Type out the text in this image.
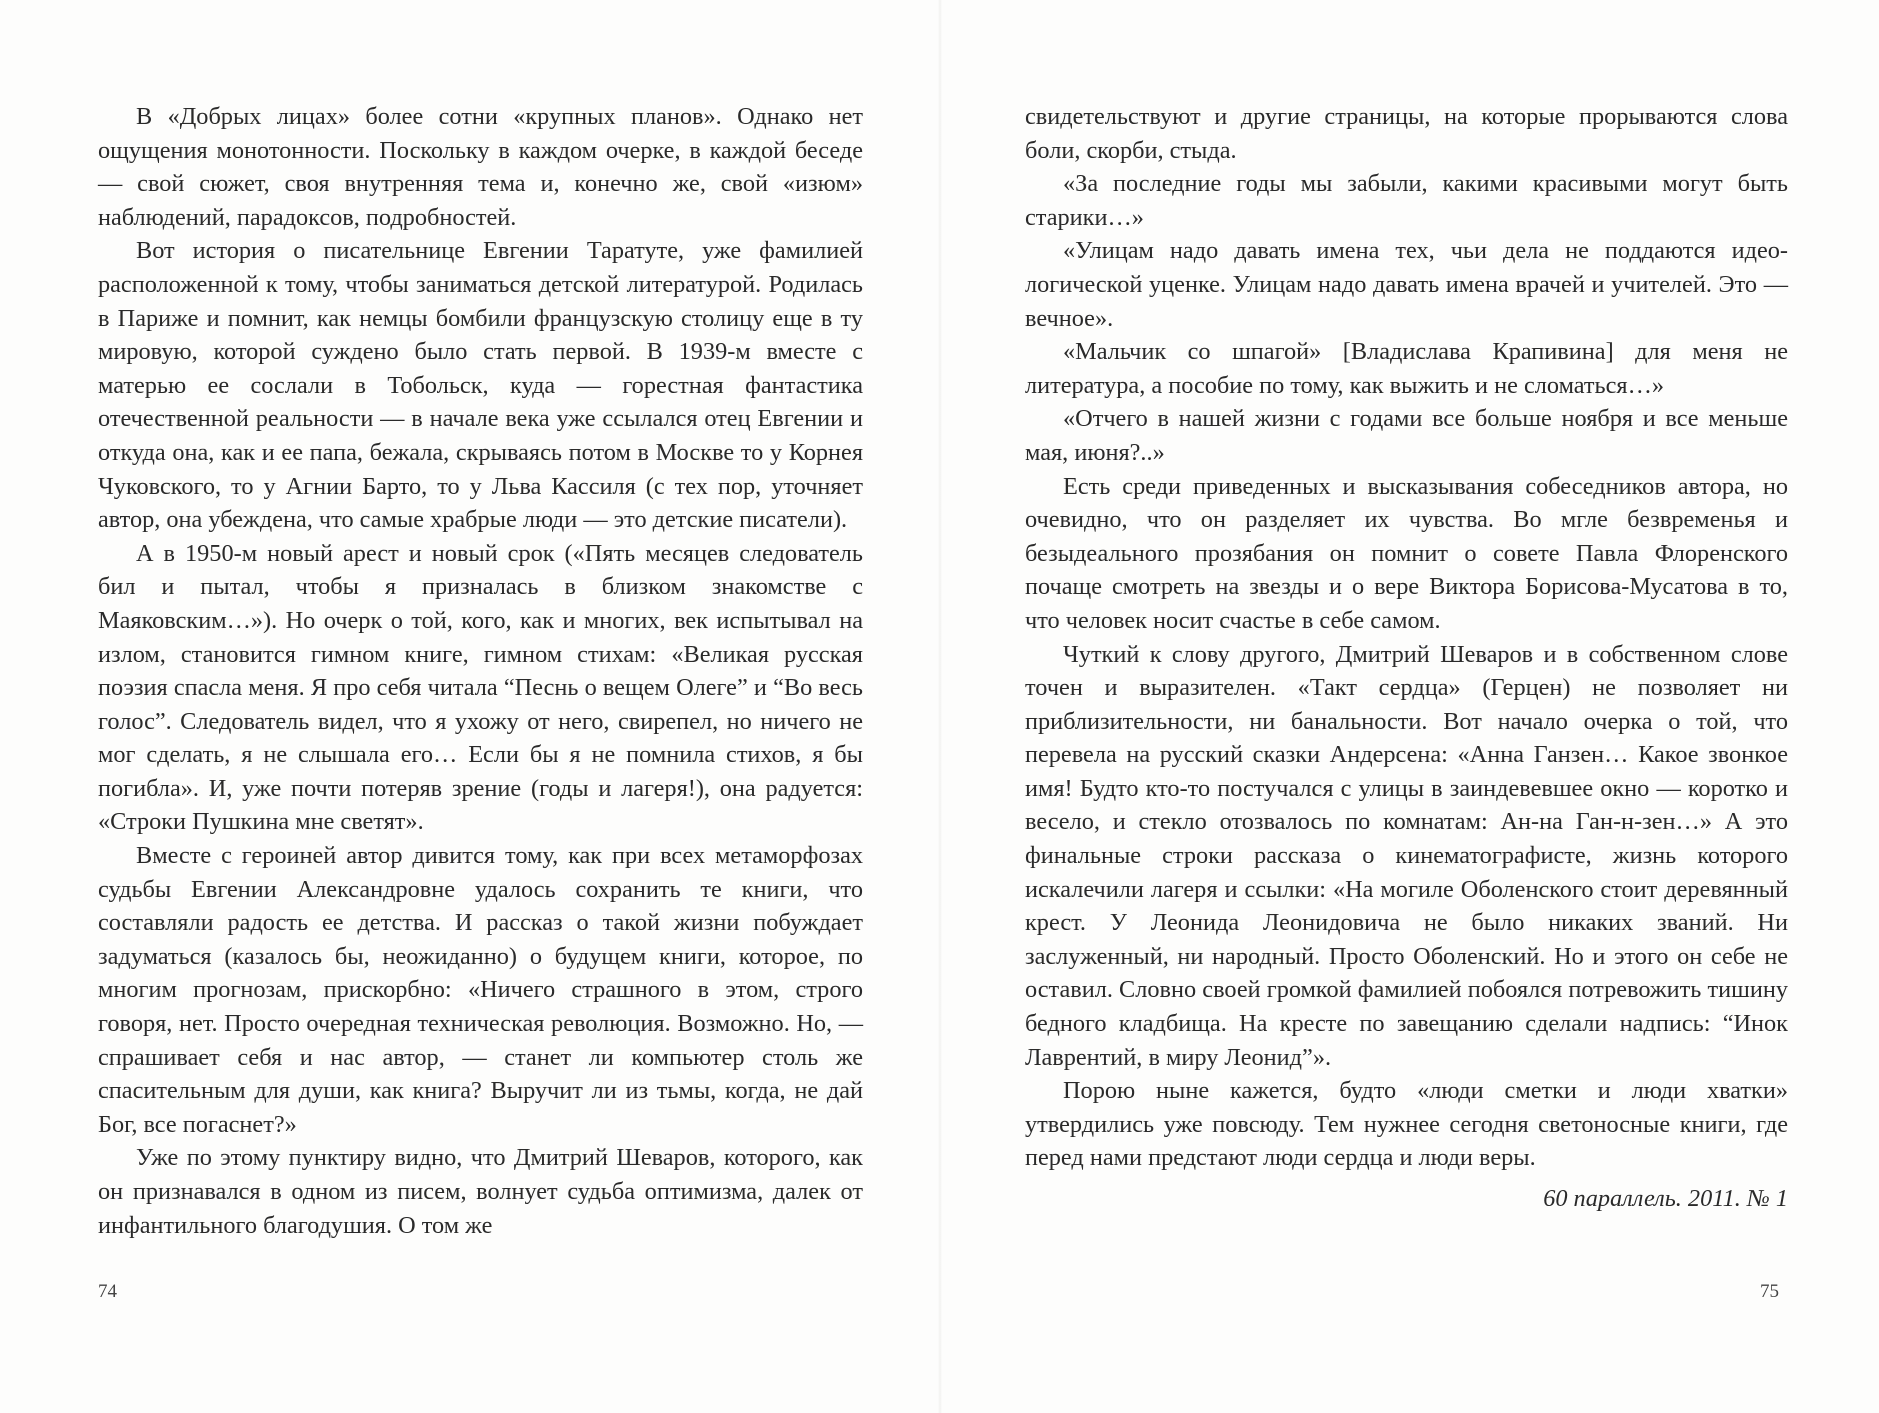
В «Добрых лицах» более сотни «крупных планов». Однако нет ощущения монотонности. Поскольку в каждом очерке, в каждой беседе — свой сюжет, своя внутренняя тема и, конечно же, свой «изюм» наблюдений, парадоксов, подробностей.

Вот история о писательнице Евгении Таратуте, уже фамилией расположенной к тому, чтобы заниматься детской литературой. Родилась в Париже и помнит, как немцы бомбили французскую столицу еще в ту мировую, которой суждено было стать первой. В 1939-м вместе с матерью ее сослали в Тобольск, куда — горестная фантастика отечественной реальности — в начале века уже ссылался отец Евгении и откуда она, как и ее папа, бежала, скрываясь потом в Москве то у Корнея Чуковского, то у Агнии Барто, то у Льва Кассиля (с тех пор, уточняет автор, она убеждена, что самые храбрые люди — это детские писатели).

А в 1950-м новый арест и новый срок («Пять месяцев следователь бил и пытал, чтобы я призналась в близком знакомстве с Маяковским…»). Но очерк о той, кого, как и многих, век испытывал на излом, становится гимном книге, гимном стихам: «Великая русская поэзия спасла меня. Я про себя читала “Песнь о вещем Олеге” и “Во весь голос”. Следователь видел, что я ухожу от него, свирепел, но ничего не мог сделать, я не слышала его… Если бы я не помнила стихов, я бы погибла». И, уже почти потеряв зрение (годы и лагеря!), она радуется: «Строки Пушкина мне светят».

Вместе с героиней автор дивится тому, как при всех метаморфозах судьбы Евгении Александровне удалось сохранить те книги, что составляли радость ее детства. И рассказ о такой жизни побуждает задуматься (казалось бы, неожиданно) о будущем книги, которое, по многим прогнозам, прискорбно: «Ничего страшного в этом, строго говоря, нет. Просто очередная техническая революция. Возможно. Но, — спрашивает себя и нас автор, — станет ли компьютер столь же спасительным для души, как книга? Выручит ли из тьмы, когда, не дай Бог, все погаснет?»

Уже по этому пунктиру видно, что Дмитрий Шеваров, которого, как он признавался в одном из писем, волнует судьба оптимизма, далек от инфантильного благодушия. О том же

свидетельствуют и другие страницы, на которые прорываются слова боли, скорби, стыда.

«За последние годы мы забыли, какими красивыми могут быть старики…»

«Улицам надо давать имена тех, чьи дела не поддаются идеологической уценке. Улицам надо давать имена врачей и учителей. Это — вечное».

«Мальчик со шпагой» [Владислава Крапивина] для меня не литература, а пособие по тому, как выжить и не сломаться…»

«Отчего в нашей жизни с годами все больше ноября и все меньше мая, июня?..»

Есть среди приведенных и высказывания собеседников автора, но очевидно, что он разделяет их чувства. Во мгле безвременья и безыдеального прозябания он помнит о совете Павла Флоренского почаще смотреть на звезды и о вере Виктора Борисова-Мусатова в то, что человек носит счастье в себе самом.

Чуткий к слову другого, Дмитрий Шеваров и в собственном слове точен и выразителен. «Такт сердца» (Герцен) не позволяет ни приблизительности, ни банальности. Вот начало очерка о той, что перевела на русский сказки Андерсена: «Анна Ганзен… Какое звонкое имя! Будто кто-то постучался с улицы в заиндевевшее окно — коротко и весело, и стекло отозвалось по комнатам: Ан-на Ган-н-зен…» А это финальные строки рассказа о кинематографисте, жизнь которого искалечили лагеря и ссылки: «На могиле Оболенского стоит деревянный крест. У Леонида Леонидовича не было никаких званий. Ни заслуженный, ни народный. Просто Оболенский. Но и этого он себе не оставил. Словно своей громкой фамилией побоялся потревожить тишину бедного кладбища. На кресте по завещанию сделали надпись: “Инок Лаврентий, в миру Леонид”».

Порою ныне кажется, будто «люди сметки и люди хватки» утвердились уже повсюду. Тем нужнее сегодня светоносные книги, где перед нами предстают люди сердца и люди веры.

60 параллель. 2011. № 1
74	75
